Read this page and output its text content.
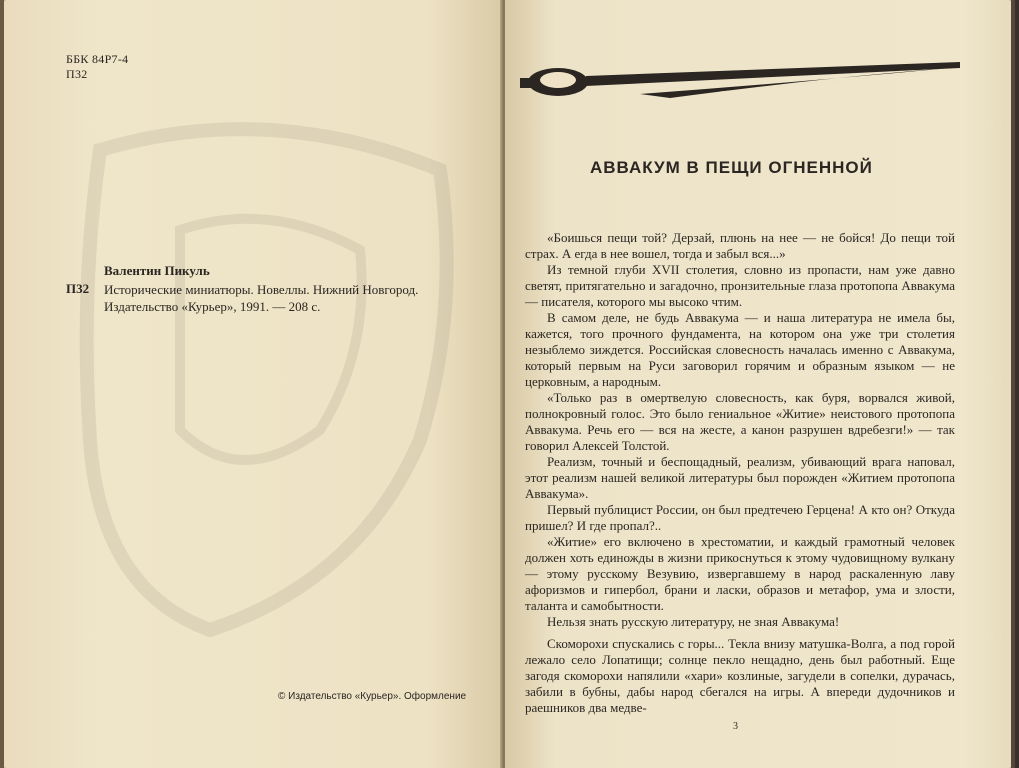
ББК 84Р7-4
П32
Валентин Пикуль
П32 Исторические миниатюры. Новеллы. Нижний Новгород. Издательство «Курьер», 1991. — 208 с.
© Издательство «Курьер». Оформление
АВВАКУМ В ПЕЩИ ОГНЕННОЙ

«Боишься пещи той? Дерзай, плюнь на нее — не бойся! До пещи той страх. А егда в нее вошел, тогда и забыл вся...»

Из темной глуби XVII столетия, словно из пропасти, нам уже давно светят, притягательно и загадочно, пронзительные глаза протопопа Аввакума — писателя, которого мы высоко чтим.

В самом деле, не будь Аввакума — и наша литература не имела бы, кажется, того прочного фундамента, на котором она уже три столетия незыблемо зиждется. Российская словесность началась именно с Аввакума, который первым на Руси заговорил горячим и образным языком — не церковным, а народным.

«Только раз в омертвелую словесность, как буря, ворвался живой, полнокровный голос. Это было гениальное «Житие» неистового протопопа Аввакума. Речь его — вся на жесте, а канон разрушен вдребезги!» — так говорил Алексей Толстой.

Реализм, точный и беспощадный, реализм, убивающий врага наповал, этот реализм нашей великой литературы был порожден «Житием протопопа Аввакума».

Первый публицист России, он был предтечею Герцена! А кто он? Откуда пришел? И где пропал?..

«Житие» его включено в хрестоматии, и каждый грамотный человек должен хоть единожды в жизни прикоснуться к этому чудовищному вулкану — этому русскому Везувию, извергавшему в народ раскаленную лаву афоризмов и гипербол, брани и ласки, образов и метафор, ума и злости, таланта и самобытности.

Нельзя знать русскую литературу, не зная Аввакума!

Скоморохи спускались с горы... Текла внизу матушка-Волга, а под горой лежало село Лопатищи; солнце пекло нещадно, день был работный. Еще загодя скоморохи напялили «хари» козлиные, загудели в сопелки, дурачась, забили в бубны, дабы народ сбегался на игры. А впереди дудочников и раешников два медве-

3
